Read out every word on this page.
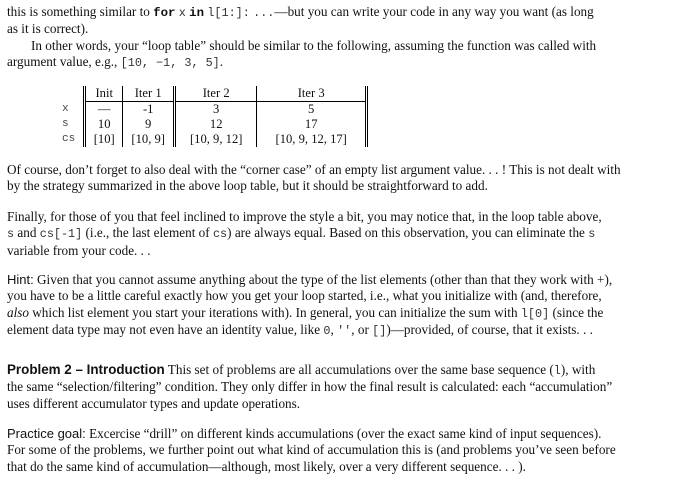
this is something similar to for x in l[1:]: ...—but you can write your code in any way you want (as long
as it is correct).
In other words, your “loop table” should be similar to the following, assuming the function was called with
argument value, e.g., [10, −1, 3, 5].
	Init	Iter 1	Iter 2	Iter 3
x	—	-1	3	5
s	10	9	12	17
cs	[10]	[10, 9]	[10, 9, 12]	[10, 9, 12, 17]
Of course, don’t forget to also deal with the “corner case” of an empty list argument value. . . ! This is not dealt with
by the strategy summarized in the above loop table, but it should be straightforward to add.
Finally, for those of you that feel inclined to improve the style a bit, you may notice that, in the loop table above,
s and cs[-1] (i.e., the last element of cs) are always equal. Based on this observation, you can eliminate the s
variable from your code. . .
Hint: Given that you cannot assume anything about the type of the list elements (other than that they work with +),
you have to be a little careful exactly how you get your loop started, i.e., what you initialize with (and, therefore,
also which list element you start your iterations with). In general, you can initialize the sum with l[0] (since the
element data type may not even have an identity value, like 0, '', or [])—provided, of course, that it exists. . .
Problem 2 – Introduction This set of problems are all accumulations over the same base sequence (l), with
the same “selection/filtering” condition. They only differ in how the final result is calculated: each “accumulation”
uses different accumulator types and update operations.
Practice goal: Excercise “drill” on different kinds accumulations (over the exact same kind of input sequences).
For some of the problems, we further point out what kind of accumulation this is (and problems you’ve seen before
that do the same kind of accumulation—although, most likely, over a very different sequence. . . ).
